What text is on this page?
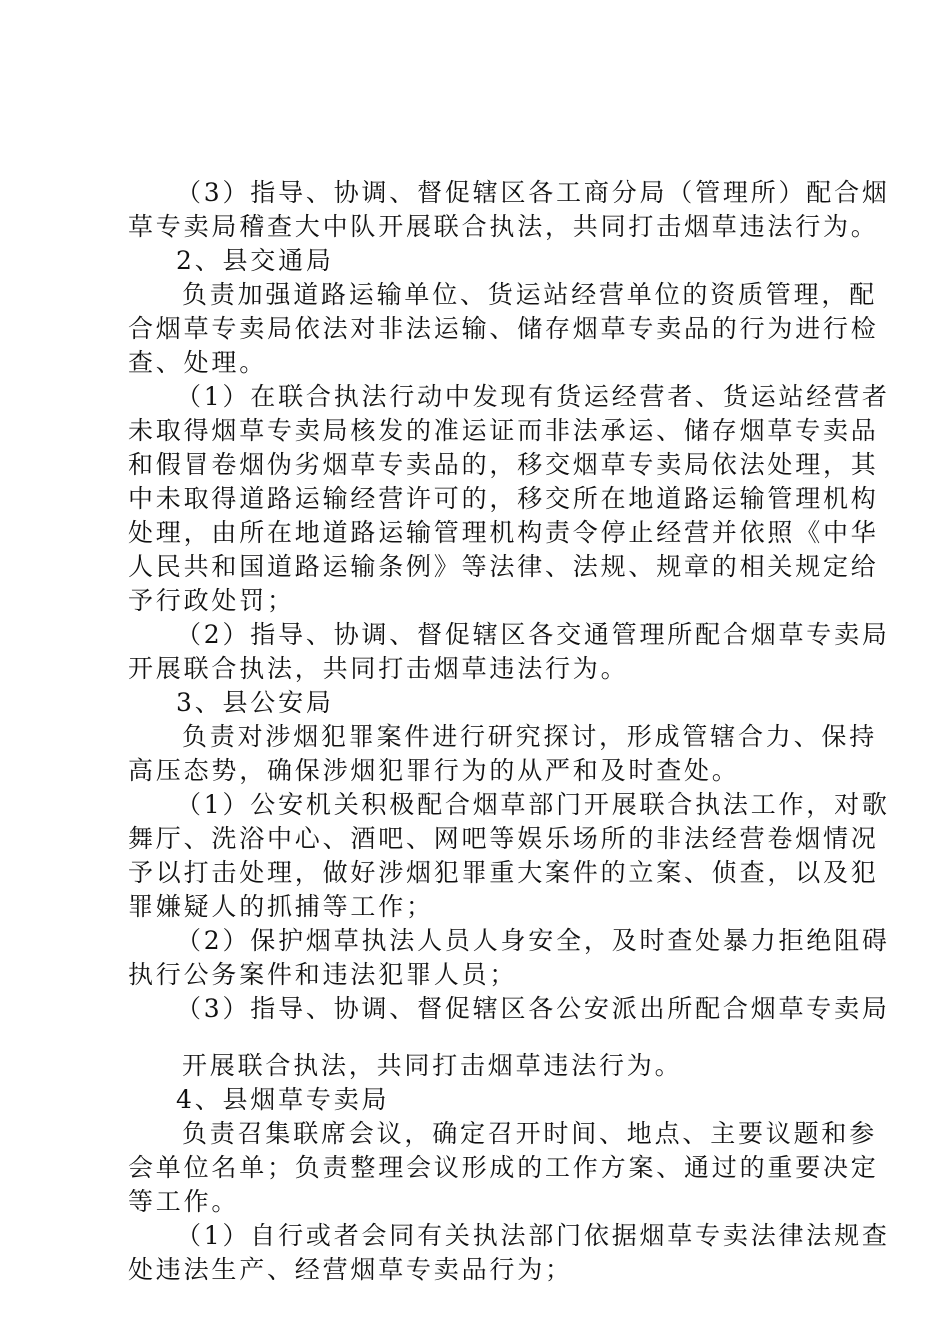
（3）指导、协调、督促辖区各工商分局（管理所）配合烟
草专卖局稽查大中队开展联合执法，共同打击烟草违法行为。
2、县交通局
负责加强道路运输单位、货运站经营单位的资质管理，配
合烟草专卖局依法对非法运输、储存烟草专卖品的行为进行检
查、处理。
（1）在联合执法行动中发现有货运经营者、货运站经营者
未取得烟草专卖局核发的准运证而非法承运、储存烟草专卖品
和假冒卷烟伪劣烟草专卖品的，移交烟草专卖局依法处理，其
中未取得道路运输经营许可的，移交所在地道路运输管理机构
处理，由所在地道路运输管理机构责令停止经营并依照《中华
人民共和国道路运输条例》等法律、法规、规章的相关规定给
予行政处罚；
（2）指导、协调、督促辖区各交通管理所配合烟草专卖局
开展联合执法，共同打击烟草违法行为。
3、县公安局
负责对涉烟犯罪案件进行研究探讨，形成管辖合力、保持
高压态势，确保涉烟犯罪行为的从严和及时查处。
（1）公安机关积极配合烟草部门开展联合执法工作，对歌
舞厅、洗浴中心、酒吧、网吧等娱乐场所的非法经营卷烟情况
予以打击处理，做好涉烟犯罪重大案件的立案、侦查，以及犯
罪嫌疑人的抓捕等工作；
（2）保护烟草执法人员人身安全，及时查处暴力拒绝阻碍
执行公务案件和违法犯罪人员；
（3）指导、协调、督促辖区各公安派出所配合烟草专卖局
开展联合执法，共同打击烟草违法行为。
4、县烟草专卖局
负责召集联席会议，确定召开时间、地点、主要议题和参
会单位名单；负责整理会议形成的工作方案、通过的重要决定
等工作。
（1）自行或者会同有关执法部门依据烟草专卖法律法规查
处违法生产、经营烟草专卖品行为；
